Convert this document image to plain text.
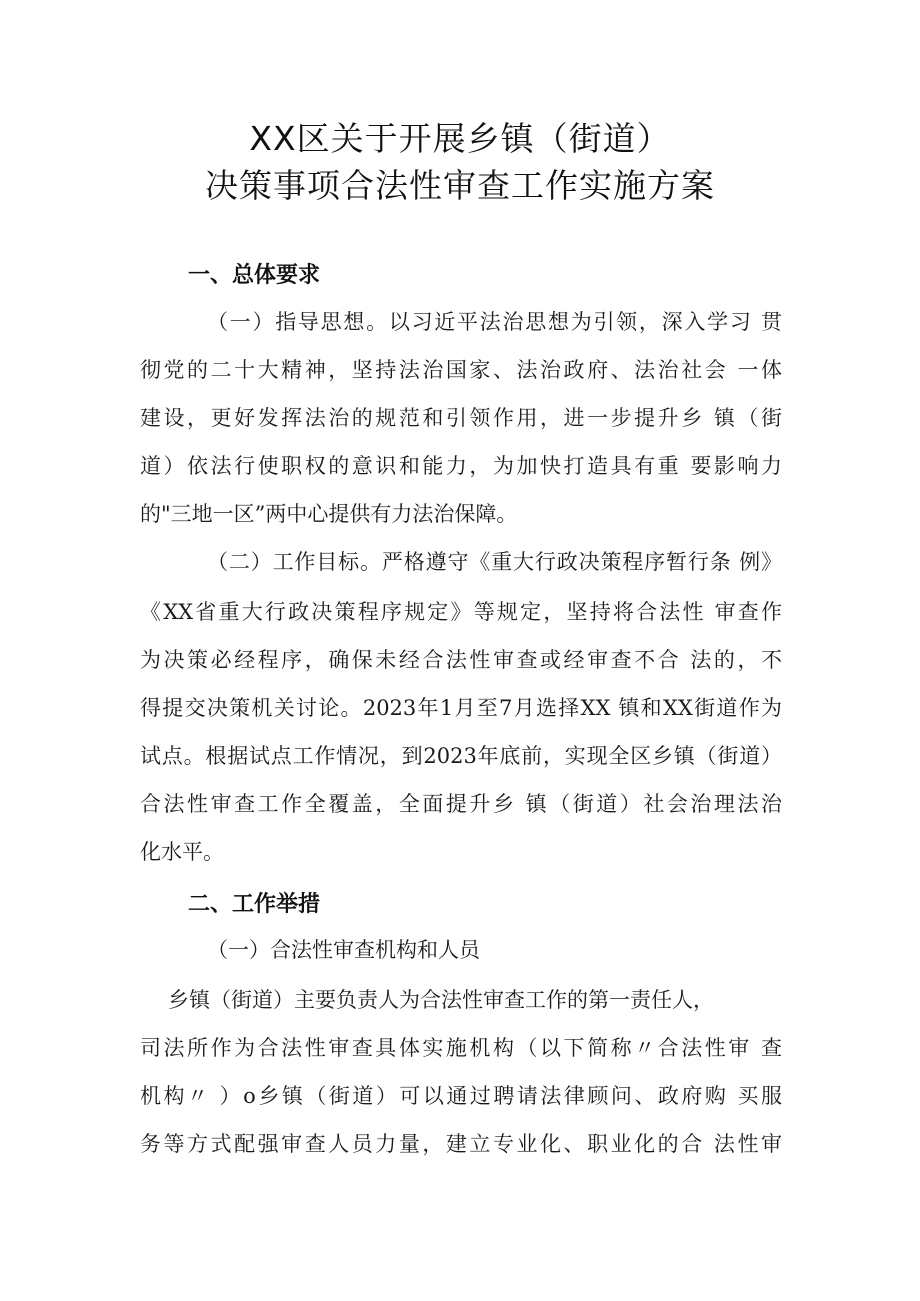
XX区关于开展乡镇（街道）
决策事项合法性审查工作实施方案
一、总体要求
（一）指导思想。以习近平法治思想为引领，深入学习 贯
彻党的二十大精神，坚持法治国家、法治政府、法治社会 一体
建设，更好发挥法治的规范和引领作用，进一步提升乡 镇（街
道）依法行使职权的意识和能力，为加快打造具有重 要影响力
的"三地一区”两中心提供有力法治保障。
（二）工作目标。严格遵守《重大行政决策程序暂行条 例》
《XX省重大行政决策程序规定》等规定，坚持将合法性 审查作
为决策必经程序，确保未经合法性审查或经审查不合 法的，不
得提交决策机关讨论。2023年1月至7月选择XX 镇和XX街道作为
试点。根据试点工作情况，到2023年底前，实现全区乡镇（街道）
合法性审查工作全覆盖，全面提升乡 镇（街道）社会治理法治
化水平。
二、工作举措
（一）合法性审查机构和人员
乡镇（街道）主要负责人为合法性审查工作的第一责任人，
司法所作为合法性审查具体实施机构（以下简称〃合法性审 查
机构〃 ）o乡镇（街道）可以通过聘请法律顾问、政府购 买服
务等方式配强审查人员力量，建立专业化、职业化的合 法性审
